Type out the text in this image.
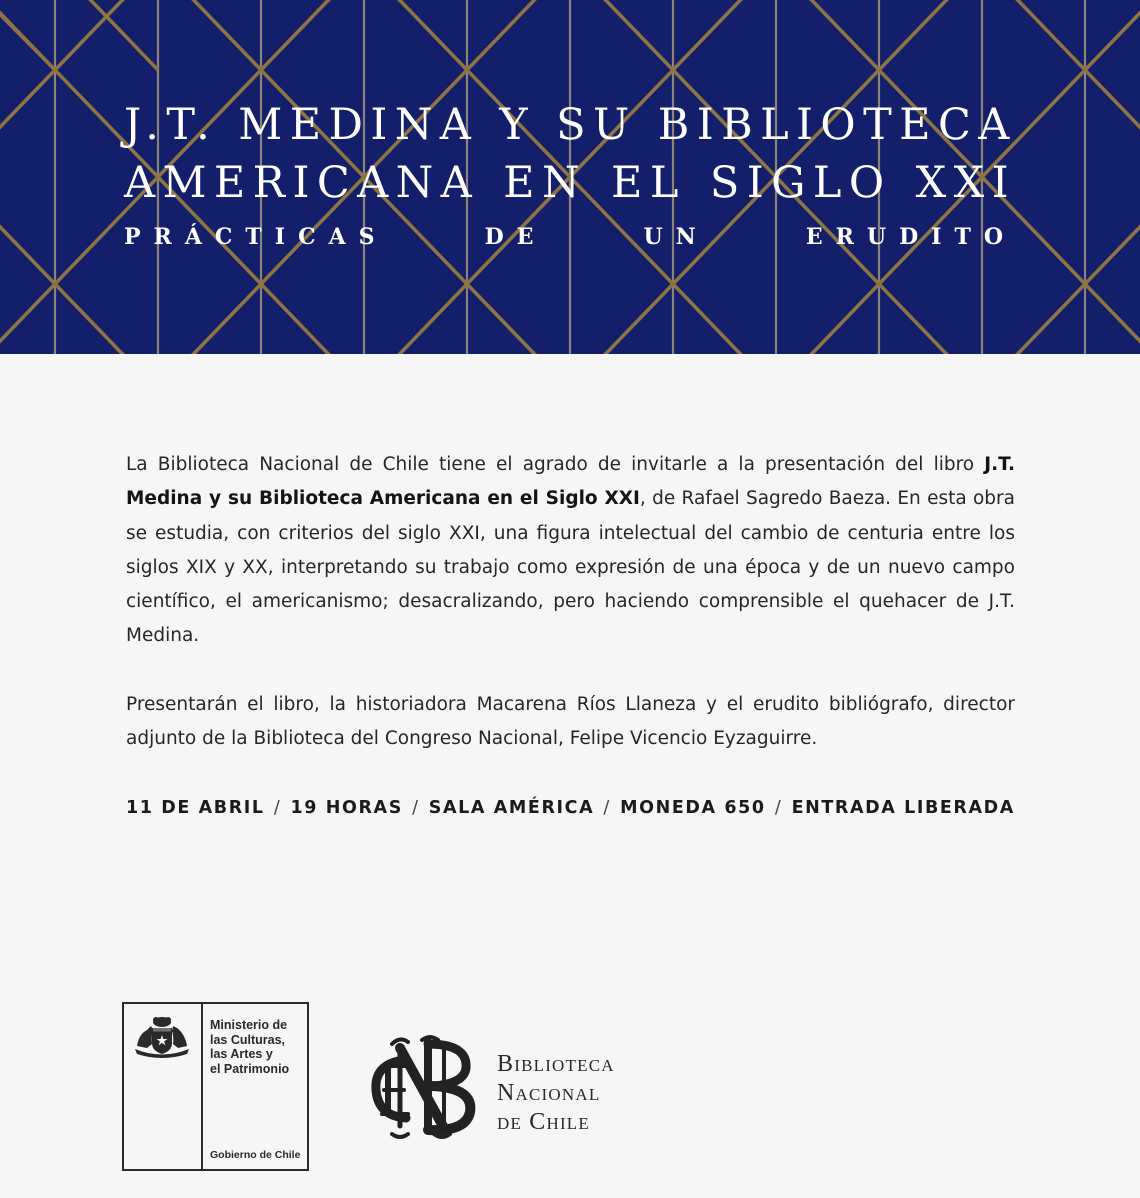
J.T. MEDINA Y SU BIBLIOTECA
AMERICANA EN EL SIGLO XXI
PRÁCTICAS DE UN ERUDITO

La Biblioteca Nacional de Chile tiene el agrado de invitarle a la presentación del libro J.T. Medina y su Biblioteca Americana en el Siglo XXI, de Rafael Sagredo Baeza. En esta obra se estudia, con criterios del siglo XXI, una figura intelectual del cambio de centuria entre los siglos XIX y XX, interpretando su trabajo como expresión de una época y de un nuevo campo científico, el americanismo; desacralizando, pero haciendo comprensible el quehacer de J.T. Medina.

Presentarán el libro, la historiadora Macarena Ríos Llaneza y el erudito bibliógrafo, director adjunto de la Biblioteca del Congreso Nacional, Felipe Vicencio Eyzaguirre.

11 DE ABRIL / 19 HORAS / SALA AMÉRICA / MONEDA 650 / ENTRADA LIBERADA
Ministerio de
las Culturas,
las Artes y
el Patrimonio
Gobierno de Chile
Biblioteca
Nacional
de Chile
